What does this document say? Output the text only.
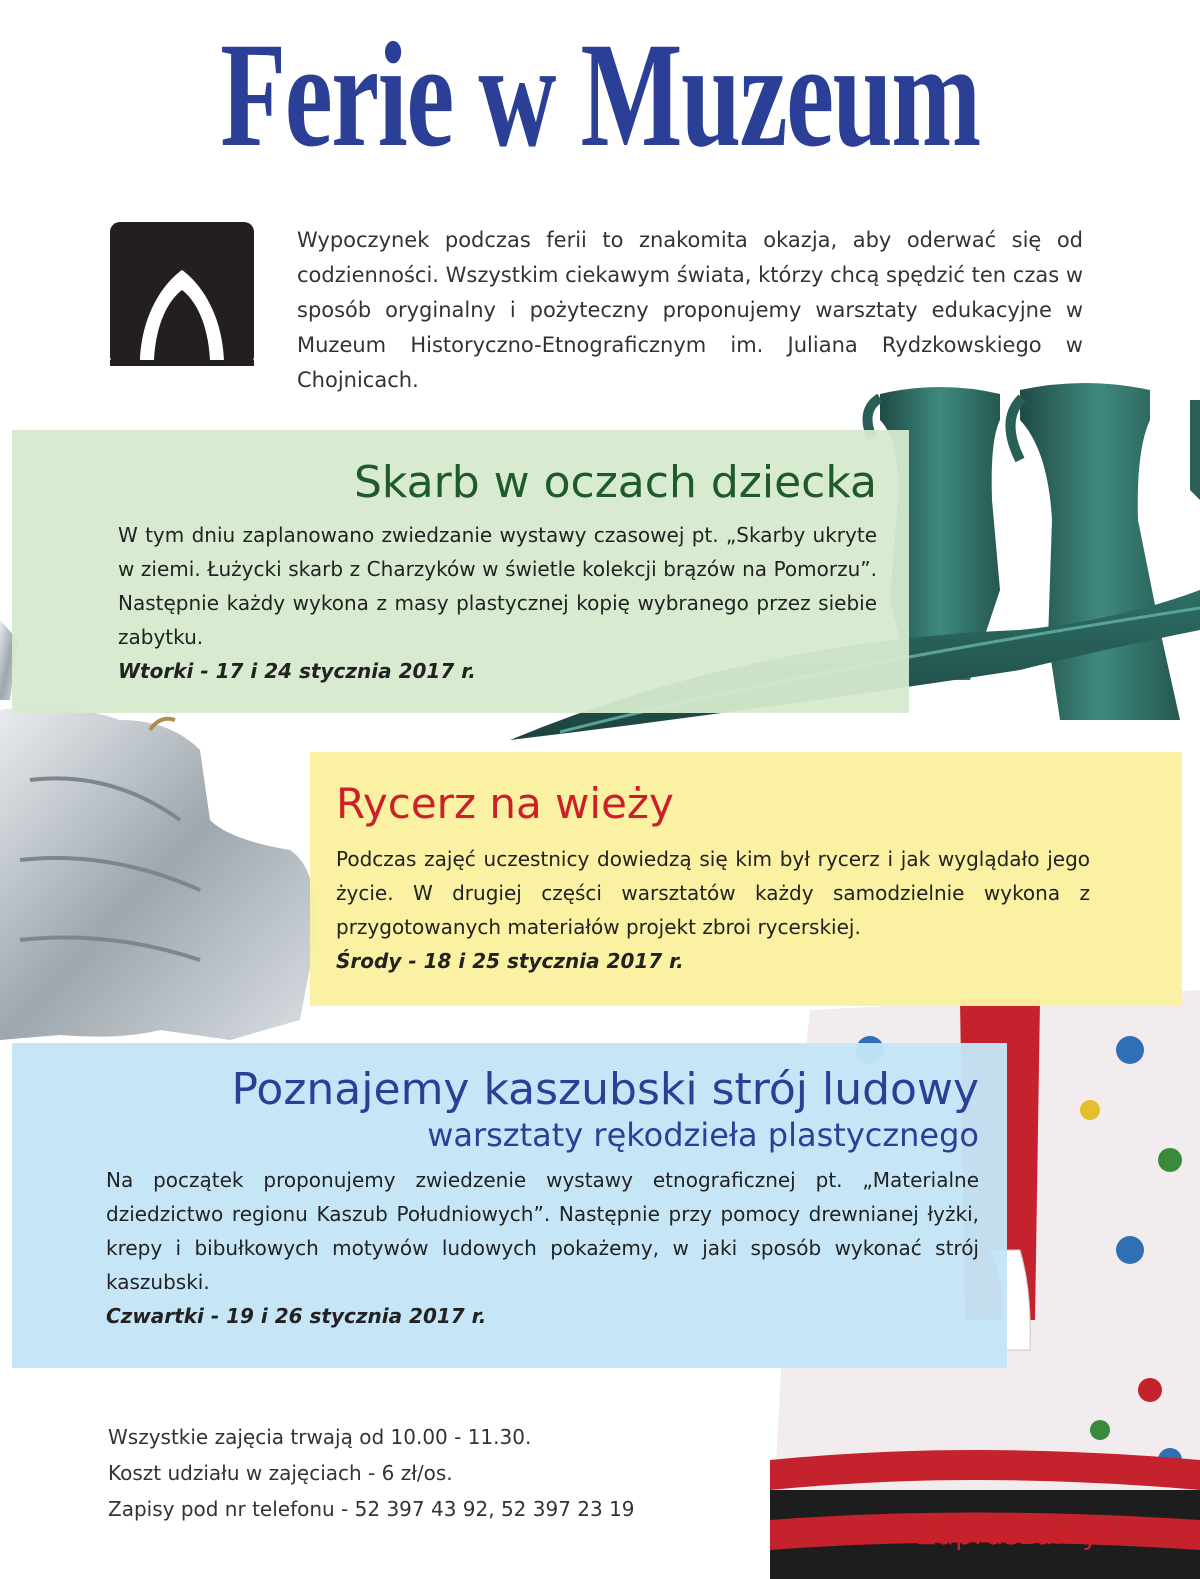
Ferie w Muzeum
Wypoczynek podczas ferii to znakomita okazja, aby oderwać się od codzienności. Wszystkim ciekawym świata, którzy chcą spędzić ten czas w sposób oryginalny i pożyteczny proponujemy warsztaty edukacyjne w Muzeum Historyczno-Etnograficznym im. Juliana Rydzkowskiego w Chojnicach.
Skarb w oczach dziecka

W tym dniu zaplanowano zwiedzanie wystawy czasowej pt. „Skarby ukryte w ziemi. Łużycki skarb z Charzyków w świetle kolekcji brązów na Pomorzu”. Następnie każdy wykona z masy plastycznej kopię wybranego przez siebie zabytku.

Wtorki - 17 i 24 stycznia 2017 r.
Rycerz na wieży

Podczas zajęć uczestnicy dowiedzą się kim był rycerz i jak wyglądało jego życie. W drugiej części warsztatów każdy samodzielnie wykona z przygotowanych materiałów projekt zbroi rycerskiej.

Środy - 18 i 25 stycznia 2017 r.
Poznajemy kaszubski strój ludowy
warsztaty rękodzieła plastycznego

Na początek proponujemy zwiedzenie wystawy etnograficznej pt. „Materialne dziedzictwo regionu Kaszub Południowych”. Następnie przy pomocy drewnianej łyżki, krepy i bibułkowych motywów ludowych pokażemy, w jaki sposób wykonać strój kaszubski.

Czwartki - 19 i 26 stycznia 2017 r.
Wszystkie zajęcia trwają od 10.00 - 11.30.
Koszt udziału w zajęciach - 6 zł/os.
Zapisy pod nr telefonu - 52 397 43 92, 52 397 23 19
Zapraszamy!
